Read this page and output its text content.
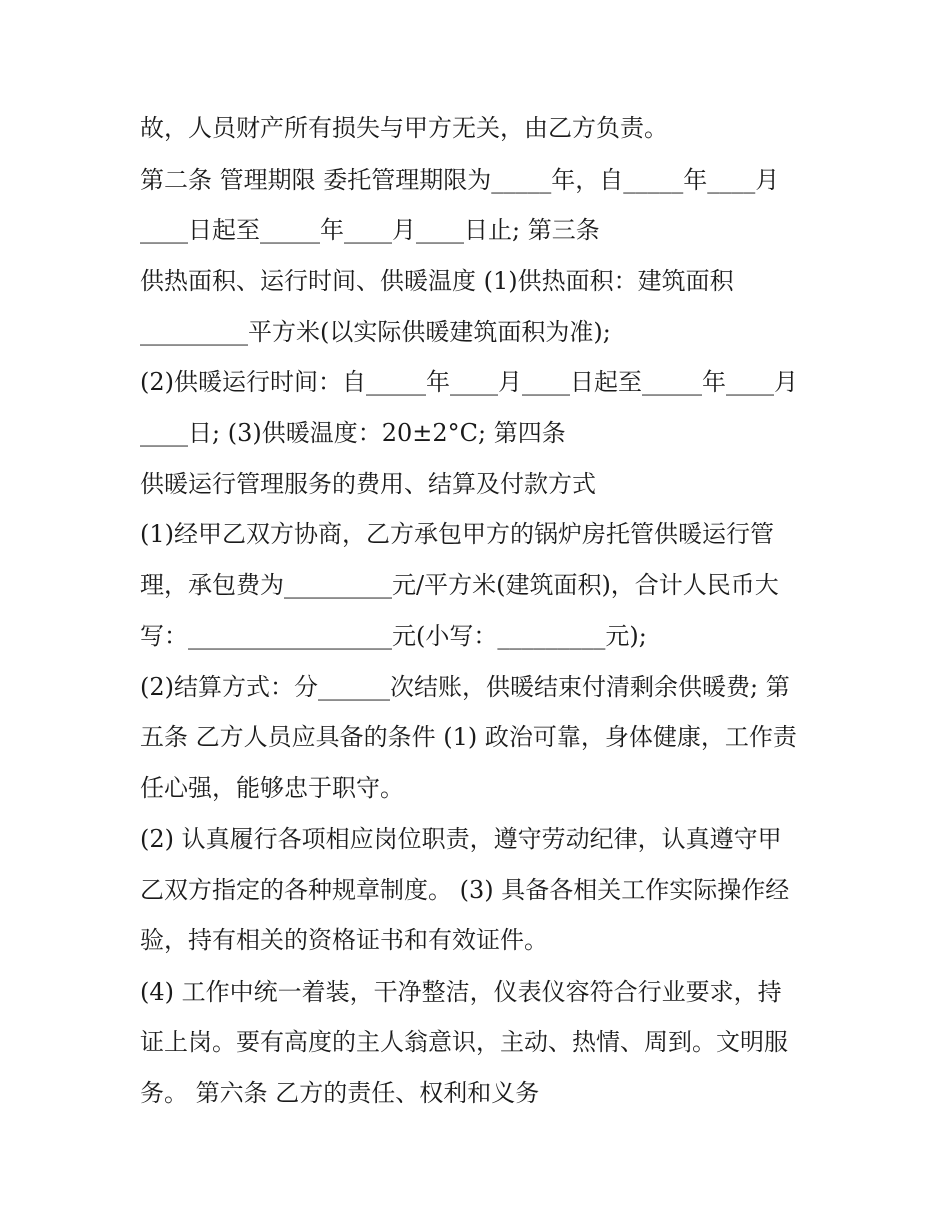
故，人员财产所有损失与甲方无关，由乙方负责。
第二条 管理期限 委托管理期限为_____年，自_____年____月
____日起至_____年____月____日止; 第三条
供热面积、运行时间、供暖温度 (1)供热面积：建筑面积
_________平方米(以实际供暖建筑面积为准);
(2)供暖运行时间：自_____年____月____日起至_____年____月
____日; (3)供暖温度：20±2°C; 第四条
供暖运行管理服务的费用、结算及付款方式
(1)经甲乙双方协商，乙方承包甲方的锅炉房托管供暖运行管
理，承包费为_________元/平方米(建筑面积)，合计人民币大
写：_________________元(小写：_________元);
(2)结算方式：分______次结账，供暖结束付清剩余供暖费; 第
五条 乙方人员应具备的条件 (1) 政治可靠，身体健康，工作责
任心强，能够忠于职守。
(2) 认真履行各项相应岗位职责，遵守劳动纪律，认真遵守甲
乙双方指定的各种规章制度。 (3) 具备各相关工作实际操作经
验，持有相关的资格证书和有效证件。
(4) 工作中统一着装，干净整洁，仪表仪容符合行业要求，持
证上岗。要有高度的主人翁意识，主动、热情、周到。文明服
务。 第六条 乙方的责任、权利和义务
